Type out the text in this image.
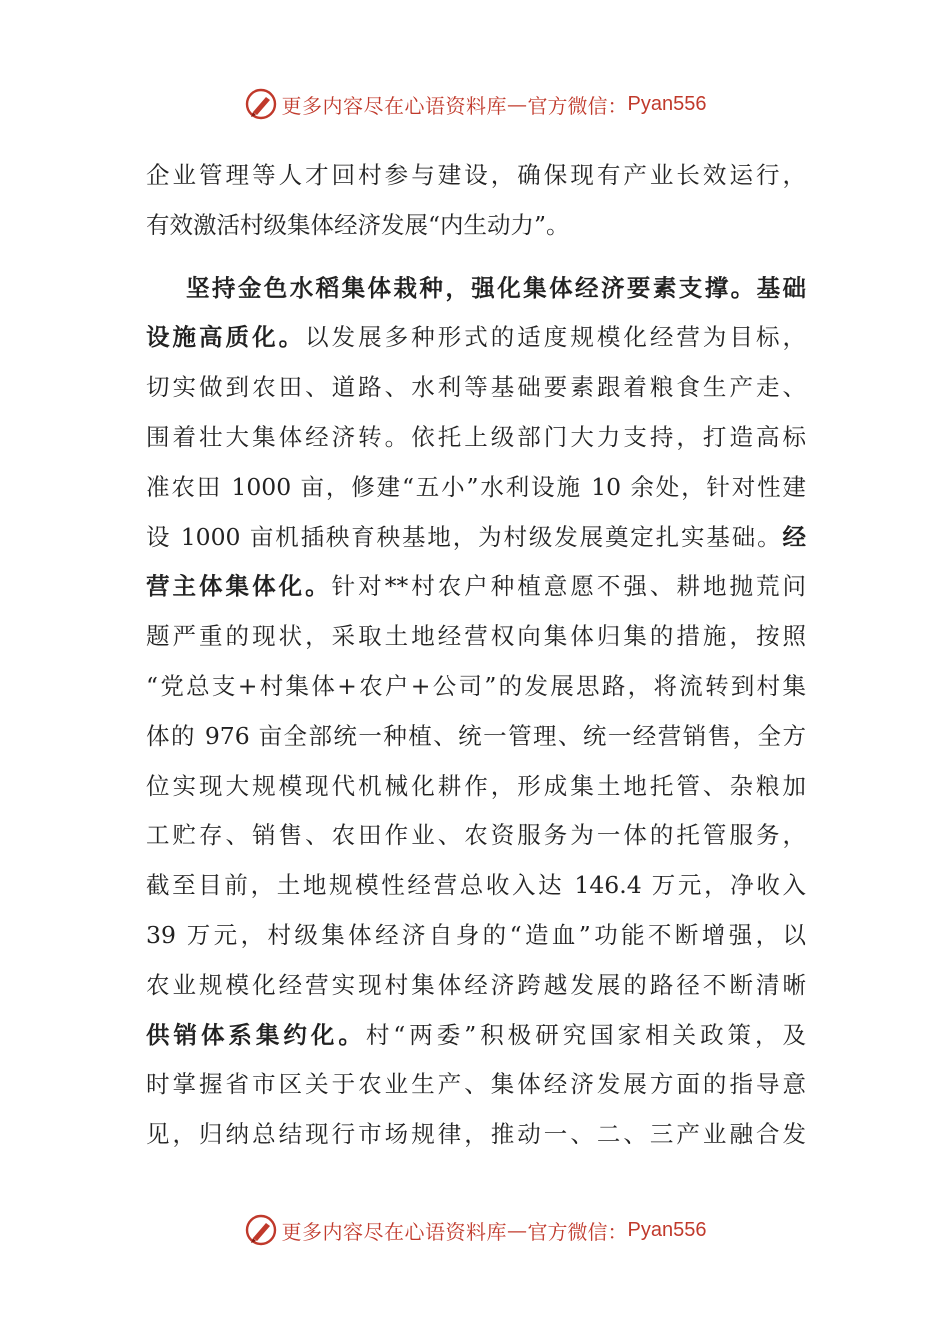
更多内容尽在心语资料库 — 官方微信： Pyan556
企业管理等人才回村参与建设，确保现有产业长效运行，
有效激活村级集体经济发展“内生动力”。
坚持金色水稻集体栽种，强化集体经济要素支撑。基础
设施高质化。以发展多种形式的适度规模化经营为目标，
切实做到农田、道路、水利等基础要素跟着粮食生产走、
围着壮大集体经济转。依托上级部门大力支持，打造高标
准农田 1000 亩，修建“五小”水利设施 10 余处，针对性建
设 1000 亩机插秧育秧基地，为村级发展奠定扎实基础。经
营主体集体化。针对**村农户种植意愿不强、耕地抛荒问
题严重的现状，采取土地经营权向集体归集的措施，按照
“党总支+村集体+农户+公司”的发展思路，将流转到村集
体的 976 亩全部统一种植、统一管理、统一经营销售，全方
位实现大规模现代机械化耕作，形成集土地托管、杂粮加
工贮存、销售、农田作业、农资服务为一体的托管服务，
截至目前，土地规模性经营总收入达 146.4 万元，净收入
39 万元，村级集体经济自身的“造血”功能不断增强，以
农业规模化经营实现村集体经济跨越发展的路径不断清晰
供销体系集约化。村“两委”积极研究国家相关政策，及
时掌握省市区关于农业生产、集体经济发展方面的指导意
见，归纳总结现行市场规律，推动一、二、三产业融合发
更多内容尽在心语资料库 — 官方微信： Pyan556
